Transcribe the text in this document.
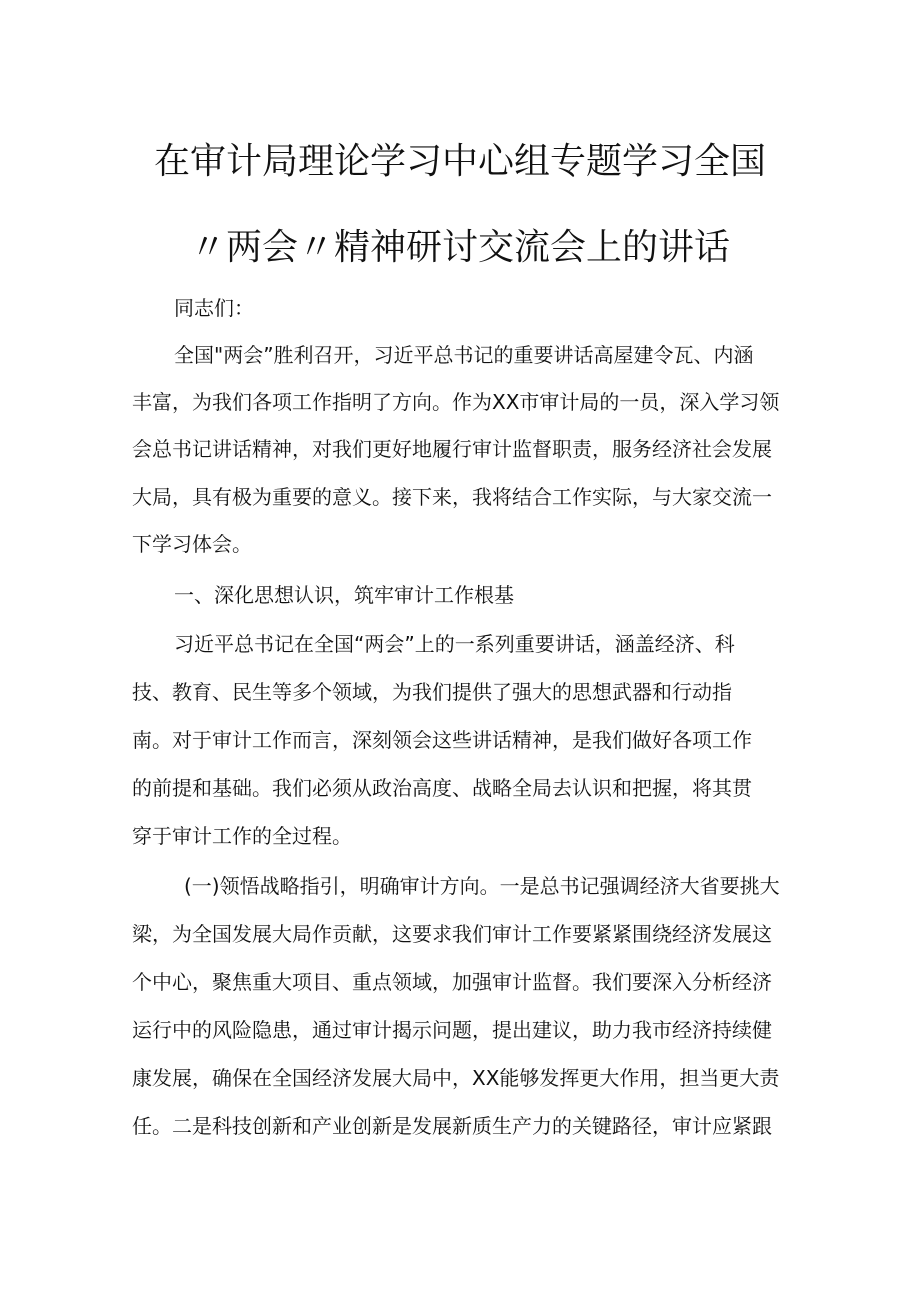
在审计局理论学习中心组专题学习全国
〃两会〃精神研讨交流会上的讲话
同志们：
全国"两会”胜利召开，习近平总书记的重要讲话高屋建令瓦、内涵
丰富，为我们各项工作指明了方向。作为XX市审计局的一员，深入学习领
会总书记讲话精神，对我们更好地履行审计监督职责，服务经济社会发展
大局，具有极为重要的意义。接下来，我将结合工作实际，与大家交流一
下学习体会。
一、深化思想认识，筑牢审计工作根基
习近平总书记在全国“两会”上的一系列重要讲话，涵盖经济、科
技、教育、民生等多个领域，为我们提供了强大的思想武器和行动指
南。对于审计工作而言，深刻领会这些讲话精神，是我们做好各项工作
的前提和基础。我们必须从政治高度、战略全局去认识和把握，将其贯
穿于审计工作的全过程。
(一)领悟战略指引，明确审计方向。一是总书记强调经济大省要挑大
梁，为全国发展大局作贡献，这要求我们审计工作要紧紧围绕经济发展这
个中心，聚焦重大项目、重点领域，加强审计监督。我们要深入分析经济
运行中的风险隐患，通过审计揭示问题，提出建议，助力我市经济持续健
康发展，确保在全国经济发展大局中，XX能够发挥更大作用，担当更大责
任。二是科技创新和产业创新是发展新质生产力的关键路径，审计应紧跟
